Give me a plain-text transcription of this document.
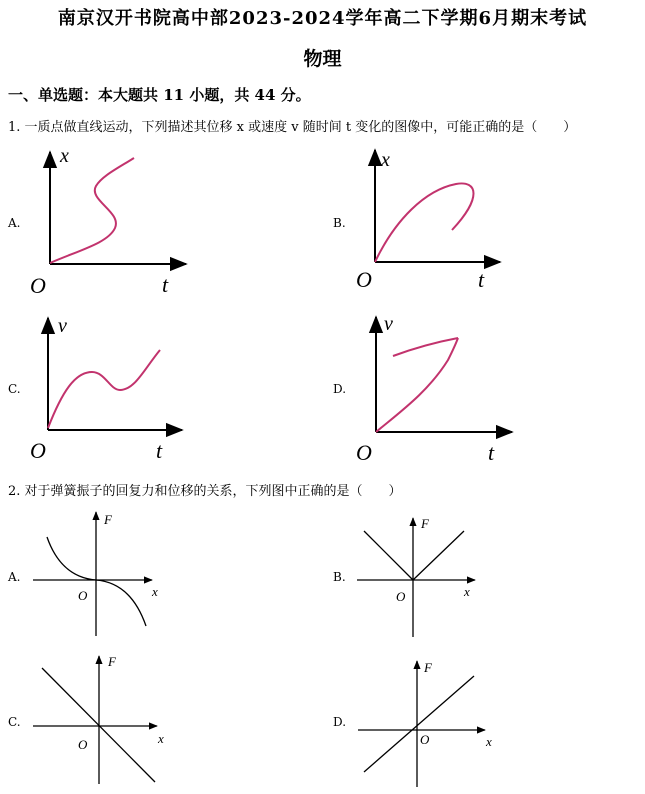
南京汉开书院高中部2023-2024学年高二下学期6月期末考试
物理
一、单选题：本大题共 11 小题，共 44 分。
1. 一质点做直线运动，下列描述其位移 x 或速度 v 随时间 t 变化的图像中，可能正确的是（　　）
A.	B.
C.	D.
x
t
O
x
t
O
v
t
O
v
t
O
2. 对于弹簧振子的回复力和位移的关系，下列图中正确的是（　　）
A.	B.
C.	D.
F
x
O
F
x
O
F
x
O
F
x
O
